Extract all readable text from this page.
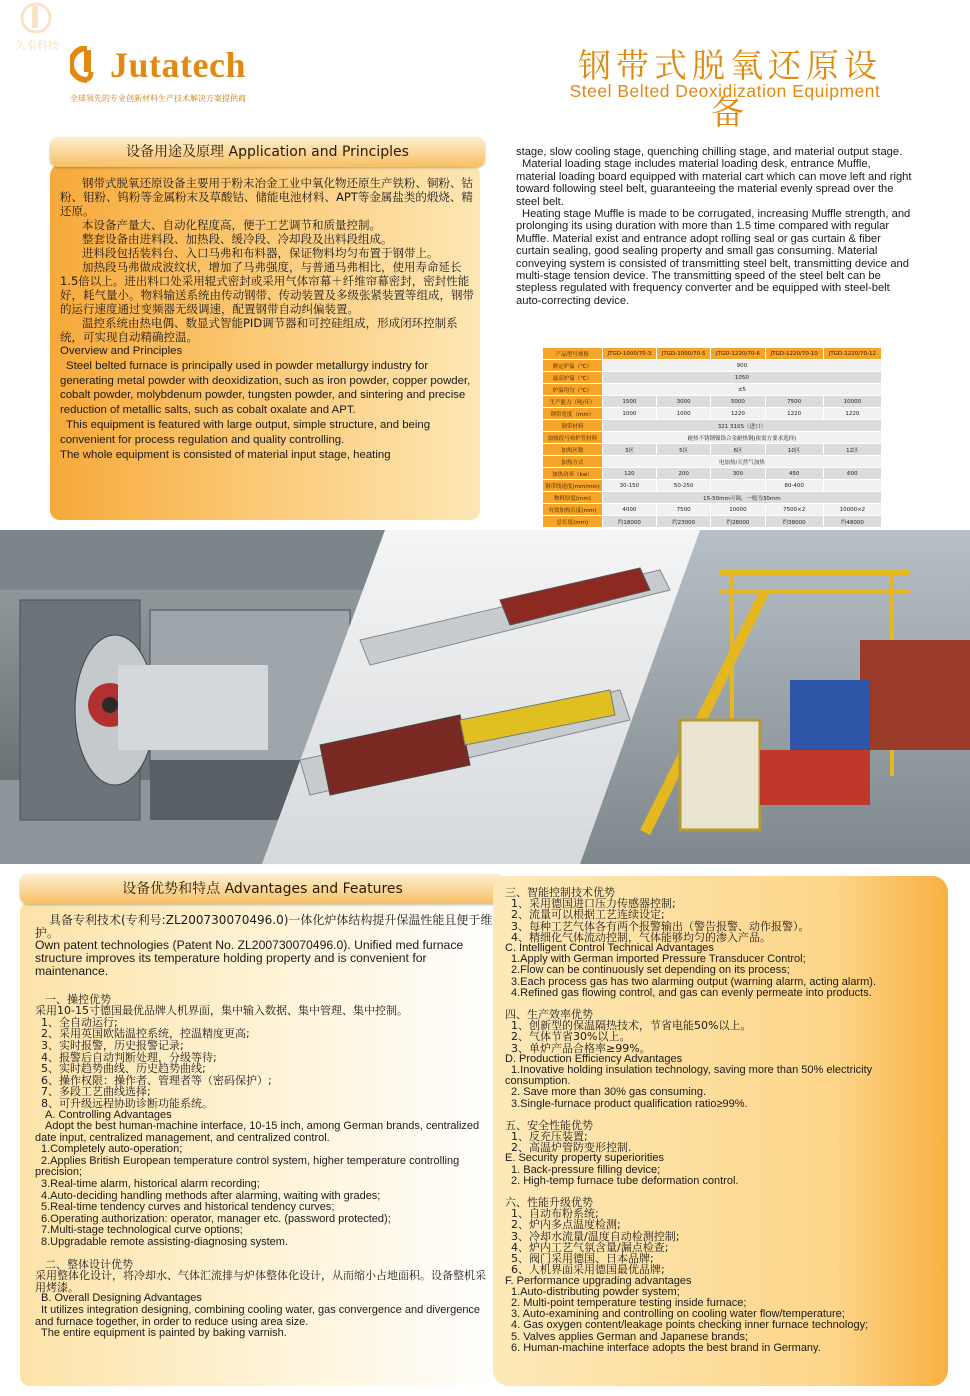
久泰科技 Jutatech
全球领先的专业创新材料生产技术解决方案提供商
钢带式脱氧还原设备
Steel Belted Deoxidization Equipment
设备用途及原理 Application and Principles

钢带式脱氧还原设备主要用于粉末冶金工业中氧化物还原生产铁粉、铜粉、钴粉、钼粉、钨粉等金属粉末及草酸钴、储能电池材料、APT等金属盐类的煅烧、精还原。

本设备产量大、自动化程度高，便于工艺调节和质量控制。

整套设备由进料段、加热段、缓冷段、冷却段及出料段组成。

进料段包括装料台、入口马弗和布料器，保证物料均匀布置于钢带上。

加热段马弗做成波纹状，增加了马弗强度，与普通马弗相比，使用寿命延长1.5倍以上。进出料口处采用辊式密封或采用气体帘幕＋纤维帘幕密封，密封性能好，耗气量小。物料输送系统由传动钢带、传动装置及多级张紧装置等组成，钢带的运行速度通过变频器无级调速，配置钢带自动纠偏装置。

温控系统由热电偶、数显式智能PID调节器和可控硅组成，形成闭环控制系统，可实现自动精确控温。

Overview and Principles

Steel belted furnace is principally used in powder metallurgy industry for generating metal powder with deoxidization, such as iron powder, copper powder, cobalt powder, molybdenum powder, tungsten powder, and sintering and precise reduction of metallic salts, such as cobalt oxalate and APT.

This equipment is featured with large output, simple structure, and being convenient for process regulation and quality controlling.

The whole equipment is consisted of material input stage, heating

stage, slow cooling stage, quenching chilling stage, and material output stage.

Material loading stage includes material loading desk, entrance Muffle, material loading board equipped with material cart which can move left and right toward following steel belt, guaranteeing the material evenly spread over the steel belt.

Heating stage Muffle is made to be corrugated, increasing Muffle strength, and prolonging its using duration with more than 1.5 time compared with regular Muffle. Material exist and entrance adopt rolling seal or gas curtain & fiber curtain sealing, good sealing property and small gas consuming. Material conveying system is consisted of transmitting steel belt, transmitting device and multi-stage tension device. The transmitting speed of the steel belt can be stepless regulated with frequency converter and be equipped with steel-belt auto-correcting device.

产品型号规格	JTGD-1000/70-3	JTGD-1000/70-5	JTGD-1220/70-6	JTGD-1220/70-10	JTGD-1220/70-12
额定炉温（℃）	900				
最高炉温（℃）	1050				
炉温均匀（℃）	±5				
生产能力（吨/年）	1500	3000	5000	7500	10000
钢带宽度（mm）	1000	1000	1220	1220	1220
钢带材料	321 310S（进口）				
加热段马弗炉管材料	耐热不锈钢镍铬合金耐热钢(依需方要求选择)				
加热区数	3区	5区	6区	10区	12区
加热方式	电加热/天然气加热				
加热功率（kw）	120	200	300	450	600
钢带线速度(mm/min)	30-150	50-250		80-400	
物料厚度(mm)	15-50mm可调，一般为30mm				
有效加热长度(mm)	4000	7500	10000	7500×2	10000×2
总长度(mm)	约18000	约23000	约28000	约38000	约48000
设备优势和特点 Advantages and Features

具备专利技术(专利号:ZL200730070496.0)一体化炉体结构提升保温性能且便于维护。

Own patent technologies (Patent No. ZL200730070496.0). Unified med furnace structure improves its temperature holding property and is convenient for maintenance.

一、操控优势

采用10-15寸德国最优品牌人机界面，集中输入数据、集中管理、集中控制。

1、全自动运行;

2、采用英国欧陆温控系统，控温精度更高;

3、实时报警，历史报警记录;

4、报警后自动判断处理，分级等待;

5、实时趋势曲线、历史趋势曲线;

6、操作权限：操作者、管理者等（密码保护）;

7、多段工艺曲线选择;

8、可升级远程协助诊断功能系统。

A. Controlling Advantages

Adopt the best human-machine interface, 10-15 inch, among German brands, centralized date input, centralized management, and centralized control.

1.Completely auto-operation;

2.Applies British European temperature control system, higher temperature controlling precision;

3.Real-time alarm, historical alarm recording;

4.Auto-deciding handling methods after alarming, waiting with grades;

5.Real-time tendency curves and historical tendency curves;

6.Operating authorization: operator, manager etc. (password protected);

7.Multi-stage technological curve options;

8.Upgradable remote assisting-diagnosing system.

二、整体设计优势

采用整体化设计，将冷却水、气体汇流排与炉体整体化设计，从而缩小占地面积。设备整机采用烤漆。

B. Overall Designing Advantages

It utilizes integration designing, combining cooling water, gas convergence and divergence and furnace together, in order to reduce using area size.

The entire equipment is painted by baking varnish.

三、智能控制技术优势

1、采用德国进口压力传感器控制;

2、流量可以根据工艺连续设定;

3、每种工艺气体各有两个报警输出（警告报警、动作报警）。

4、精细化气体流动控制，气体能够均匀的渗入产品。

C. Intelligent Control Technical Advantages

1.Apply with German imported Pressure Transducer Control;

2.Flow can be continuously set depending on its process;

3.Each process gas has two alarming output (warning alarm, acting alarm).

4.Refined gas flowing control, and gas can evenly permeate into products.

四、生产效率优势

1、创新型的保温隔热技术，节省电能50%以上。

2、气体节省30%以上。

3、单炉产品合格率≥99%。

D. Production Efficiency Advantages

1.Inovative holding insulation technology, saving more than 50% electricity consumption.

2. Save more than 30% gas consuming.

3.Single-furnace product qualification ratio≥99%.

五、安全性能优势

1、反充压装置;

2、高温炉管防变形控制.

E. Security property superiorities

1. Back-pressure filling device;

2. High-temp furnace tube deformation control.

六、性能升级优势

1、自动布粉系统;

2、炉内多点温度检测;

3、冷却水流量/温度自动检测控制;

4、炉内工艺气氛含量/漏点检查;

5、阀门采用德国、日本品牌;

6、人机界面采用德国最优品牌;

F. Performance upgrading advantages

1.Auto-distributing powder system;

2. Multi-point temperature testing inside furnace;

3. Auto-examining and controlling on cooling water flow/temperature;

4. Gas oxygen content/leakage points checking inner furnace technology;

5. Valves applies German and Japanese brands;

6. Human-machine interface adopts the best brand in Germany.
